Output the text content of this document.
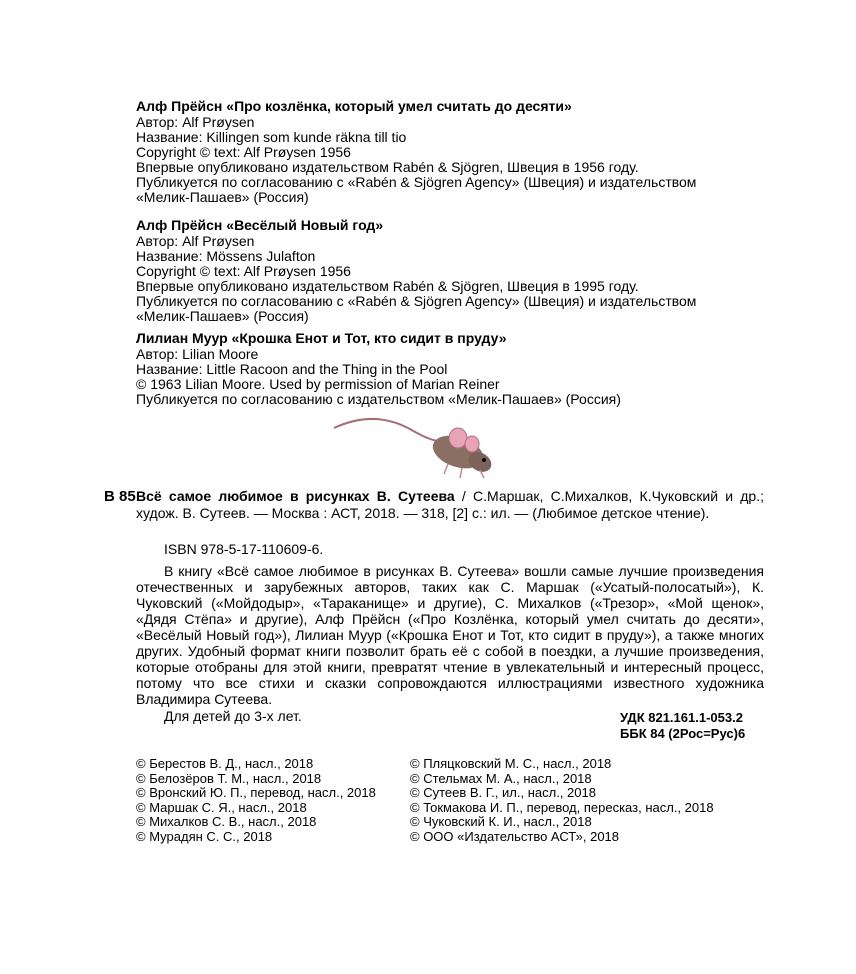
Алф Прёйсн «Про козлёнка, который умел считать до десяти»
Автор: Alf Prøysen
Название: Killingen som kunde räkna till tio
Copyright © text: Alf Prøysen 1956
Впервые опубликовано издательством Rabén & Sjögren, Швеция в 1956 году.
Публикуется по согласованию с «Rabén & Sjögren Agency» (Швеция) и издательством
«Мелик-Пашаев» (Россия)
Алф Прёйсн «Весёлый Новый год»
Автор: Alf Prøysen
Название: Mössens Julafton
Copyright © text: Alf Prøysen 1956
Впервые опубликовано издательством Rabén & Sjögren, Швеция в 1995 году.
Публикуется по согласованию с «Rabén & Sjögren Agency» (Швеция) и издательством
«Мелик-Пашаев» (Россия)
Лилиан Муур «Крошка Енот и Тот, кто сидит в пруду»
Автор: Lilian Moore
Название: Little Racoon and the Thing in the Pool
© 1963 Lilian Moore. Used by permission of Marian Reiner
Публикуется по согласованию с издательством «Мелик-Пашаев» (Россия)
В 85 Всё самое любимое в рисунках В. Сутеева / С.Маршак, С.Михалков, К.Чуковский и др.; худож. В. Сутеев. — Москва : АСТ, 2018. — 318, [2] с.: ил. — (Любимое детское чтение).
ISBN 978-5-17-110609-6.
В книгу «Всё самое любимое в рисунках В. Сутеева» вошли самые лучшие произведения отечественных и зарубежных авторов, таких как С. Маршак («Усатый-полосатый»), К. Чуковский («Мойдодыр», «Тараканище» и другие), С. Михалков («Трезор», «Мой щенок», «Дядя Стёпа» и другие), Алф Прёйсн («Про Козлёнка, который умел считать до десяти», «Весёлый Новый год»), Лилиан Муур («Крошка Енот и Тот, кто сидит в пруду»), а также многих других. Удобный формат книги позволит брать её с собой в поездки, а лучшие произведения, которые отобраны для этой книги, превратят чтение в увлекательный и интересный процесс, потому что все стихи и сказки сопровождаются иллюстрациями известного художника Владимира Сутеева.
Для детей до 3-х лет.	УДК 821.161.1-053.2
ББК 84 (2Рос=Рус)6
© Берестов В. Д., насл., 2018
© Белозёров Т. М., насл., 2018
© Вронский Ю. П., перевод, насл., 2018
© Маршак С. Я., насл., 2018
© Михалков С. В., насл., 2018
© Мурадян С. С., 2018
© Пляцковский М. С., насл., 2018
© Стельмах М. А., насл., 2018
© Сутеев В. Г., ил., насл., 2018
© Токмакова И. П., перевод, пересказ, насл., 2018
© Чуковский К. И., насл., 2018
© ООО «Издательство АСТ», 2018
